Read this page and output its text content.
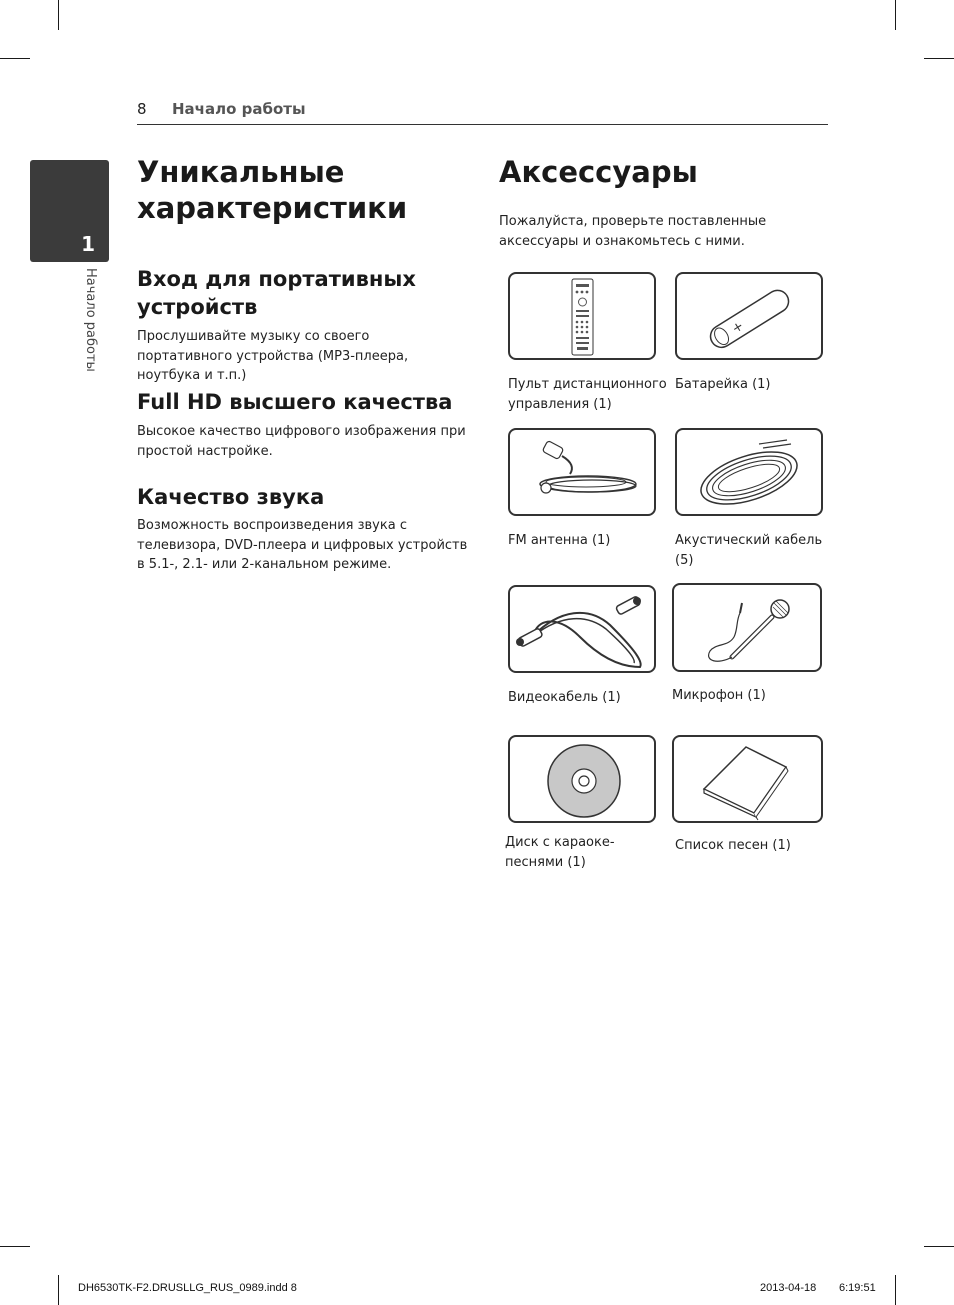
8 Начало работы
1
Начало работы
Уникальные характеристики
Вход для портативных устройств

Прослушивайте музыку со своего портативного устройства (MP3-плеера, ноутбука и т.п.)

Full HD высшего качества

Высокое качество цифрового изображения при простой настройке.

Качество звука

Возможность воспроизведения звука с телевизора, DVD-плеера и цифровых устройств в 5.1-, 2.1- или 2-канальном режиме.

Аксессуары

Пожалуйста, проверьте поставленные аксессуары и ознакомьтесь с ними.

Пульт дистанционного управления (1)
+
Батарейка (1)
FM антенна (1)	Акустический кабель (5)
Видеокабель (1)	Микрофон (1)
Диск с караоке-песнями (1)
Список песен (1)
DH6530TK-F2.DRUSLLG_RUS_0989.indd 8	2013-04-18 6:19:51
